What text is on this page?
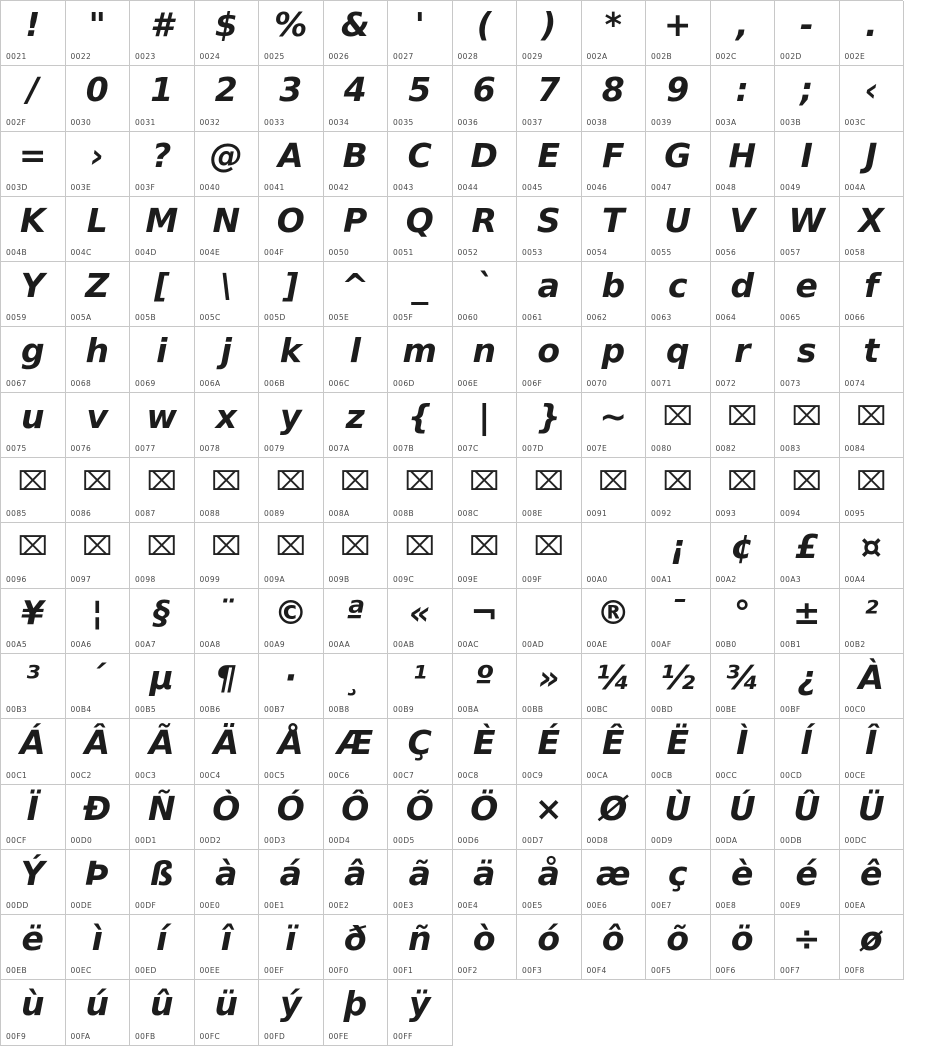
!
0021
"
0022
#
0023
$
0024
%
0025
&
0026
'
0027
(
0028
)
0029
*
002A
+
002B
,
002C
-
002D
.
002E
/
002F
0
0030
1
0031
2
0032
3
0033
4
0034
5
0035
6
0036
7
0037
8
0038
9
0039
:
003A
;
003B
‹
003C
=
003D
›
003E
?
003F
@
0040
A
0041
B
0042
C
0043
D
0044
E
0045
F
0046
G
0047
H
0048
I
0049
J
004A
K
004B
L
004C
M
004D
N
004E
O
004F
P
0050
Q
0051
R
0052
S
0053
T
0054
U
0055
V
0056
W
0057
X
0058
Y
0059
Z
005A
[
005B
\
005C
]
005D
^
005E
_
005F
`
0060
a
0061
b
0062
c
0063
d
0064
e
0065
f
0066
g
0067
h
0068
i
0069
j
006A
k
006B
l
006C
m
006D
n
006E
o
006F
p
0070
q
0071
r
0072
s
0073
t
0074
u
0075
v
0076
w
0077
x
0078
y
0079
z
007A
{
007B
|
007C
}
007D
~
007E
⌧
0080
⌧
0082
⌧
0083
⌧
0084
⌧
0085
⌧
0086
⌧
0087
⌧
0088
⌧
0089
⌧
008A
⌧
008B
⌧
008C
⌧
008E
⌧
0091
⌧
0092
⌧
0093
⌧
0094
⌧
0095
⌧
0096
⌧
0097
⌧
0098
⌧
0099
⌧
009A
⌧
009B
⌧
009C
⌧
009E
⌧
009F	00A0
¡
00A1
¢
00A2
£
00A3
¤
00A4
¥
00A5
¦
00A6
§
00A7
¨
00A8
©
00A9
ª
00AA
«
00AB
¬
00AC	00AD
®
00AE
¯
00AF
°
00B0
±
00B1
²
00B2
³
00B3
´
00B4
µ
00B5
¶
00B6
·
00B7
¸
00B8
¹
00B9
º
00BA
»
00BB
¼
00BC
½
00BD
¾
00BE
¿
00BF
À
00C0
Á
00C1
Â
00C2
Ã
00C3
Ä
00C4
Å
00C5
Æ
00C6
Ç
00C7
È
00C8
É
00C9
Ê
00CA
Ë
00CB
Ì
00CC
Í
00CD
Î
00CE
Ï
00CF
Ð
00D0
Ñ
00D1
Ò
00D2
Ó
00D3
Ô
00D4
Õ
00D5
Ö
00D6
×
00D7
Ø
00D8
Ù
00D9
Ú
00DA
Û
00DB
Ü
00DC
Ý
00DD
Þ
00DE
ß
00DF
à
00E0
á
00E1
â
00E2
ã
00E3
ä
00E4
å
00E5
æ
00E6
ç
00E7
è
00E8
é
00E9
ê
00EA
ë
00EB
ì
00EC
í
00ED
î
00EE
ï
00EF
ð
00F0
ñ
00F1
ò
00F2
ó
00F3
ô
00F4
õ
00F5
ö
00F6
÷
00F7
ø
00F8
ù
00F9
ú
00FA
û
00FB
ü
00FC
ý
00FD
þ
00FE
ÿ
00FF
